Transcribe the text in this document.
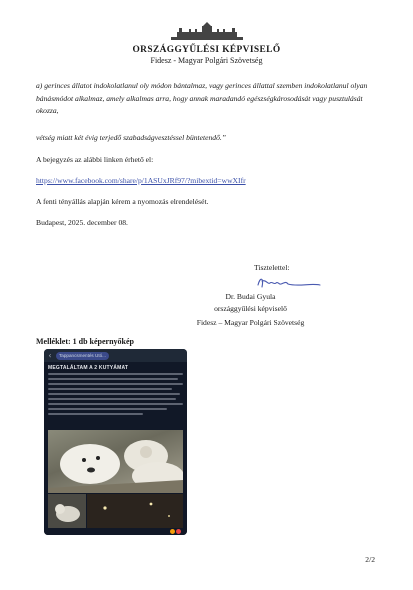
ORSZÁGGYŰLÉSI KÉPVISELŐ
Fidesz - Magyar Polgári Szövetség
a) gerinces állatot indokolatlanul oly módon bántalmaz, vagy gerinces állattal szemben indokolatlanul olyan bánásmódot alkalmaz, amely alkalmas arra, hogy annak maradandó egészségkárosodását vagy pusztulását okozza,
vétség miatt két évig terjedő szabadságvesztéssel büntetendő.”
A bejegyzés az alábbi linken érhető el:
https://www.facebook.com/share/p/1ASUxJRf97/?mibextid=wwXIfr
A fenti tényállás alapján kérem a nyomozás elrendelését.
Budapest, 2025. december 08.
Tisztelettel:
Dr. Budai Gyula
országgyűlési képviselő
Fidesz – Magyar Polgári Szövetség
Melléklet: 1 db képernyőkép
‹	Tappancsmentés Utó...
MEGTALÁLTAM A 2 KUTYÁMAT
2/2
